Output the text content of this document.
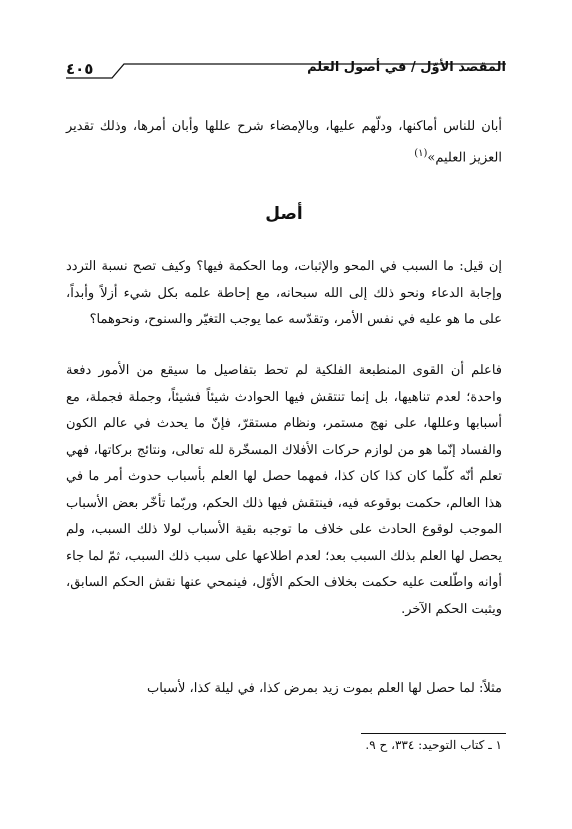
المقصد الأوّل / في أصول العلم
٤٠٥

أبان للناس أماكنها، ودلّهم عليها، وبالإمضاء شرح عللها وأبان أمرها، وذلك تقدير العزيز العليم»$^{(١)}$

أصل

إن قيل: ما السبب في المحو والإثبات، وما الحكمة فيها؟ وكيف تصح نسبة التردد وإجابة الدعاء ونحو ذلك إلى الله سبحانه، مع إحاطة علمه بكل شيء أزلاً وأبداً، على ما هو عليه في نفس الأمر، وتقدّسه عما يوجب التغيّر والسنوح، ونحوهما؟

فاعلم أن القوى المنطبعة الفلكية لم تحط بتفاصيل ما سيقع من الأمور دفعة واحدة؛ لعدم تناهيها، بل إنما تنتقش فيها الحوادث شيئاً فشيئاً، وجملة فجملة، مع أسبابها وعللها، على نهج مستمر، ونظام مستقرّ، فإنّ ما يحدث في عالم الكون والفساد إنّما هو من لوازم حركات الأفلاك المسخّرة لله تعالى، ونتائج بركاتها، فهي تعلم أنّه كلّما كان كذا كان كذا، فمهما حصل لها العلم بأسباب حدوث أمر ما في هذا العالم، حكمت بوقوعه فيه، فينتقش فيها ذلك الحكم، وربّما تأخّر بعض الأسباب الموجب لوقوع الحادث على خلاف ما توجبه بقية الأسباب لولا ذلك السبب، ولم يحصل لها العلم بذلك السبب بعد؛ لعدم اطلاعها على سبب ذلك السبب، ثمّ لما جاء أوانه واطّلعت عليه حكمت بخلاف الحكم الأوّل، فينمحي عنها نقش الحكم السابق، ويثبت الحكم الآخر.

مثلاً: لما حصل لها العلم بموت زيد بمرض كذا، في ليلة كذا، لأسباب

١ ـ كتاب التوحيد: ٣٣٤، ح ٩.
